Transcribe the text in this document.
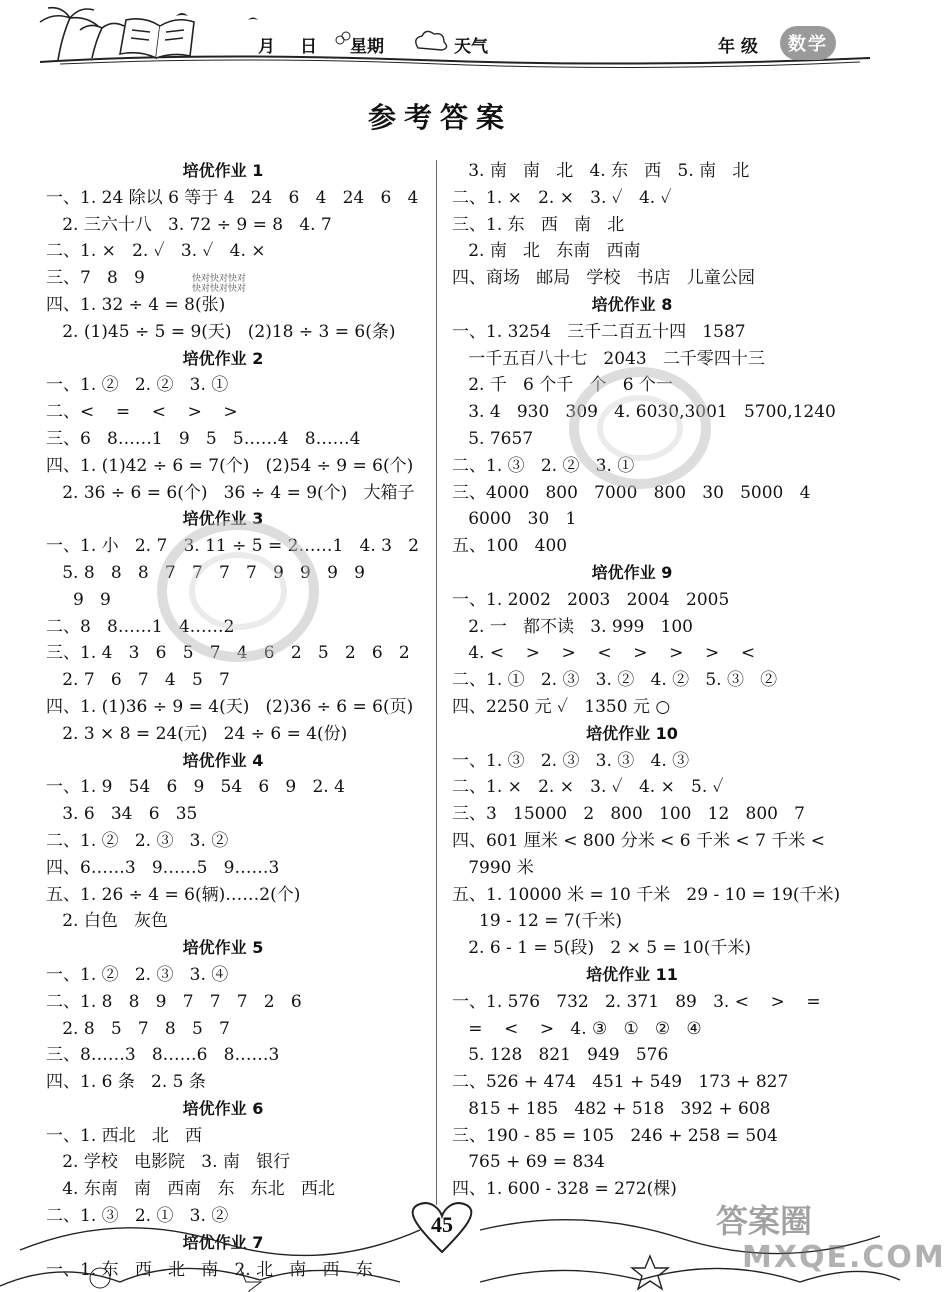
月 日 星期	天气	年 级	数学
参考答案
培优作业 1
一、1. 24 除以 6 等于 4   24   6   4   24   6   4
2. 三六十八   3. 72 ÷ 9 = 8   4. 7
二、1. ×   2. ✓   3. ✓   4. ×
三、7   8   9
四、1. 32 ÷ 4 = 8(张)
2. (1)45 ÷ 5 = 9(天)   (2)18 ÷ 3 = 6(条)
培优作业 2
一、1. ②   2. ②   3. ①
二、<    =    <    >    >
三、6   8……1   9   5   5……4   8……4
四、1. (1)42 ÷ 6 = 7(个)   (2)54 ÷ 9 = 6(个)
2. 36 ÷ 6 = 6(个)   36 ÷ 4 = 9(个)   大箱子
培优作业 3
一、1. 小   2. 7   3. 11 ÷ 5 = 2……1   4. 3   2
5. 8   8   8   7   7   7   7   9   9   9   9
9   9
二、8   8……1   4……2
三、1. 4   3   6   5   7   4   6   2   5   2   6   2
2. 7   6   7   4   5   7
四、1. (1)36 ÷ 9 = 4(天)   (2)36 ÷ 6 = 6(页)
2. 3 × 8 = 24(元)   24 ÷ 6 = 4(份)
培优作业 4
一、1. 9   54   6   9   54   6   9   2. 4
3. 6   34   6   35
二、1. ②   2. ③   3. ②
四、6……3   9……5   9……3
五、1. 26 ÷ 4 = 6(辆)……2(个)
2. 白色   灰色
培优作业 5
一、1. ②   2. ③   3. ④
二、1. 8   8   9   7   7   7   2   6
2. 8   5   7   8   5   7
三、8……3   8……6   8……3
四、1. 6 条   2. 5 条
培优作业 6
一、1. 西北   北   西
2. 学校   电影院   3. 南   银行
4. 东南   南   西南   东   东北   西北
二、1. ③   2. ①   3. ②
培优作业 7
一、1. 东   西   北   南   2. 北   南   西   东
3. 南   南   北   4. 东   西   5. 南   北
二、1. ×   2. ×   3. ✓   4. ✓
三、1. 东   西   南   北
2. 南   北   东南   西南
四、商场   邮局   学校   书店   儿童公园
培优作业 8
一、1. 3254   三千二百五十四   1587
一千五百八十七   2043   二千零四十三
2. 千   6 个千   个   6 个一
3. 4   930   309   4. 6030,3001   5700,1240
5. 7657
二、1. ③   2. ②   3. ①
三、4000   800   7000   800   30   5000   4
6000   30   1
五、100   400
培优作业 9
一、1. 2002   2003   2004   2005
2. 一   都不读   3. 999   100
4. <    >    >    <    >    >    >    <
二、1. ①   2. ③   3. ②   4. ②   5. ③   ②
四、2250 元 ✓   1350 元 ○
培优作业 10
一、1. ③   2. ③   3. ③   4. ③
二、1. ×   2. ×   3. ✓   4. ×   5. ✓
三、3   15000   2   800   100   12   800   7
四、601 厘米 < 800 分米 < 6 千米 < 7 千米 <
7990 米
五、1. 10000 米 = 10 千米   29 - 10 = 19(千米)
19 - 12 = 7(千米)
2. 6 - 1 = 5(段)   2 × 5 = 10(千米)
培优作业 11
一、1. 576   732   2. 371   89   3. <    >    =
=    <    >   4. ③   ①   ②   ④
5. 128   821   949   576
二、526 + 474   451 + 549   173 + 827
815 + 185   482 + 518   392 + 608
三、190 - 85 = 105   246 + 258 = 504
765 + 69 = 834
四、1. 600 - 328 = 272(棵)
快对快对快对
快对快对快对
45	答案圈
MXQE.COM
